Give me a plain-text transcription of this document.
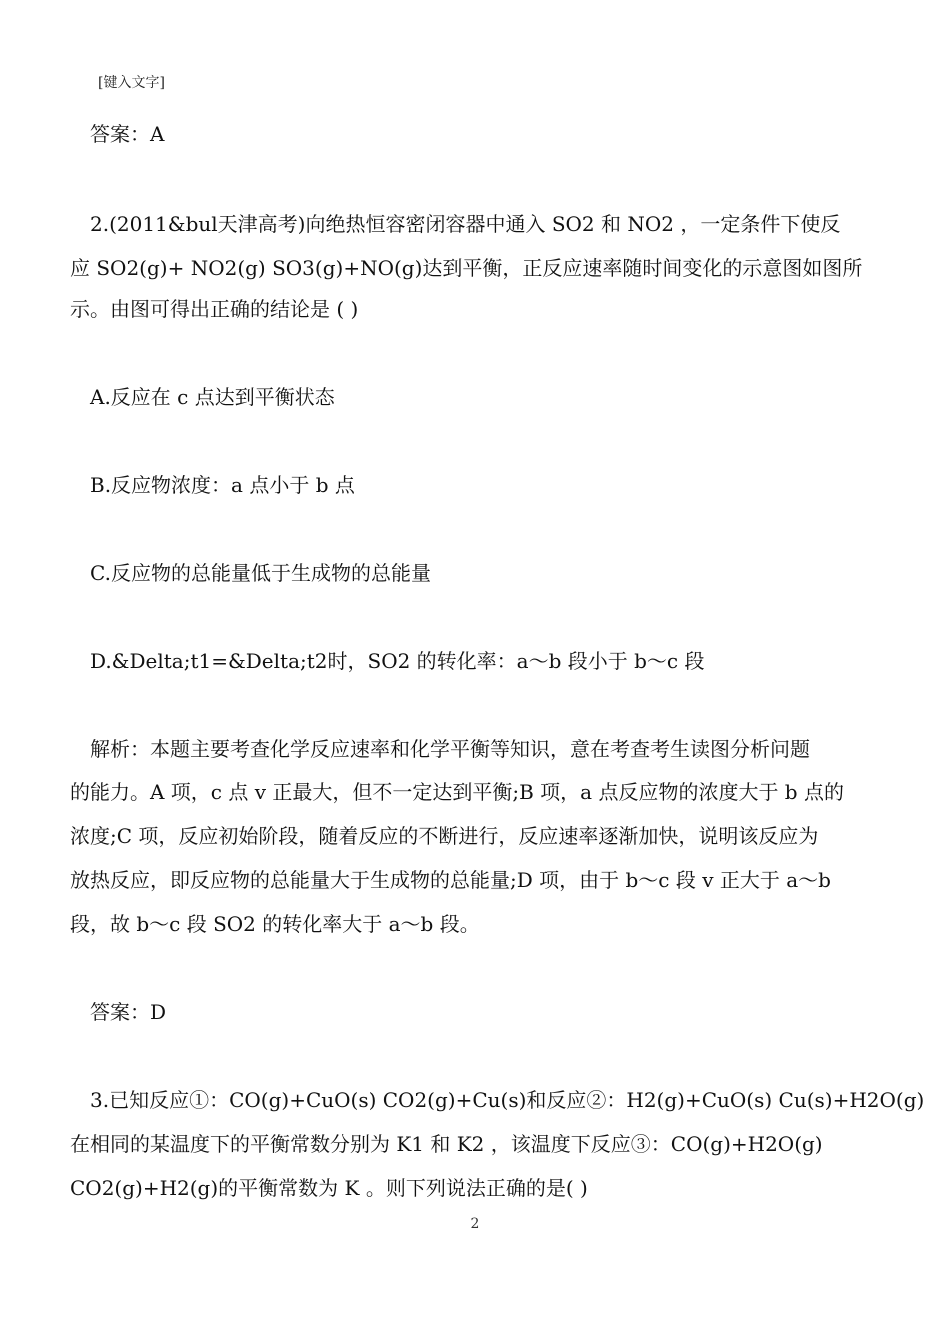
[键入文字]
答案：A
2.(2011&bul天津高考)向绝热恒容密闭容器中通入 SO2 和 NO2 ，一定条件下使反
应 SO2(g)+ NO2(g) SO3(g)+NO(g)达到平衡，正反应速率随时间变化的示意图如图所
示。由图可得出正确的结论是 ( )
A.反应在 c 点达到平衡状态
B.反应物浓度：a 点小于 b 点
C.反应物的总能量低于生成物的总能量
D.&Delta;t1=&Delta;t2时，SO2 的转化率：a～b 段小于 b～c 段
解析：本题主要考查化学反应速率和化学平衡等知识，意在考查考生读图分析问题
的能力。A 项，c 点 v 正最大，但不一定达到平衡;B 项，a 点反应物的浓度大于 b 点的
浓度;C 项，反应初始阶段，随着反应的不断进行，反应速率逐渐加快，说明该反应为
放热反应，即反应物的总能量大于生成物的总能量;D 项，由于 b～c 段 v 正大于 a～b
段，故 b～c 段 SO2 的转化率大于 a～b 段。
答案：D
3.已知反应①：CO(g)+CuO(s) CO2(g)+Cu(s)和反应②：H2(g)+CuO(s) Cu(s)+H2O(g)
在相同的某温度下的平衡常数分别为 K1 和 K2 ，该温度下反应③：CO(g)+H2O(g)
CO2(g)+H2(g)的平衡常数为 K 。则下列说法正确的是( )
2
